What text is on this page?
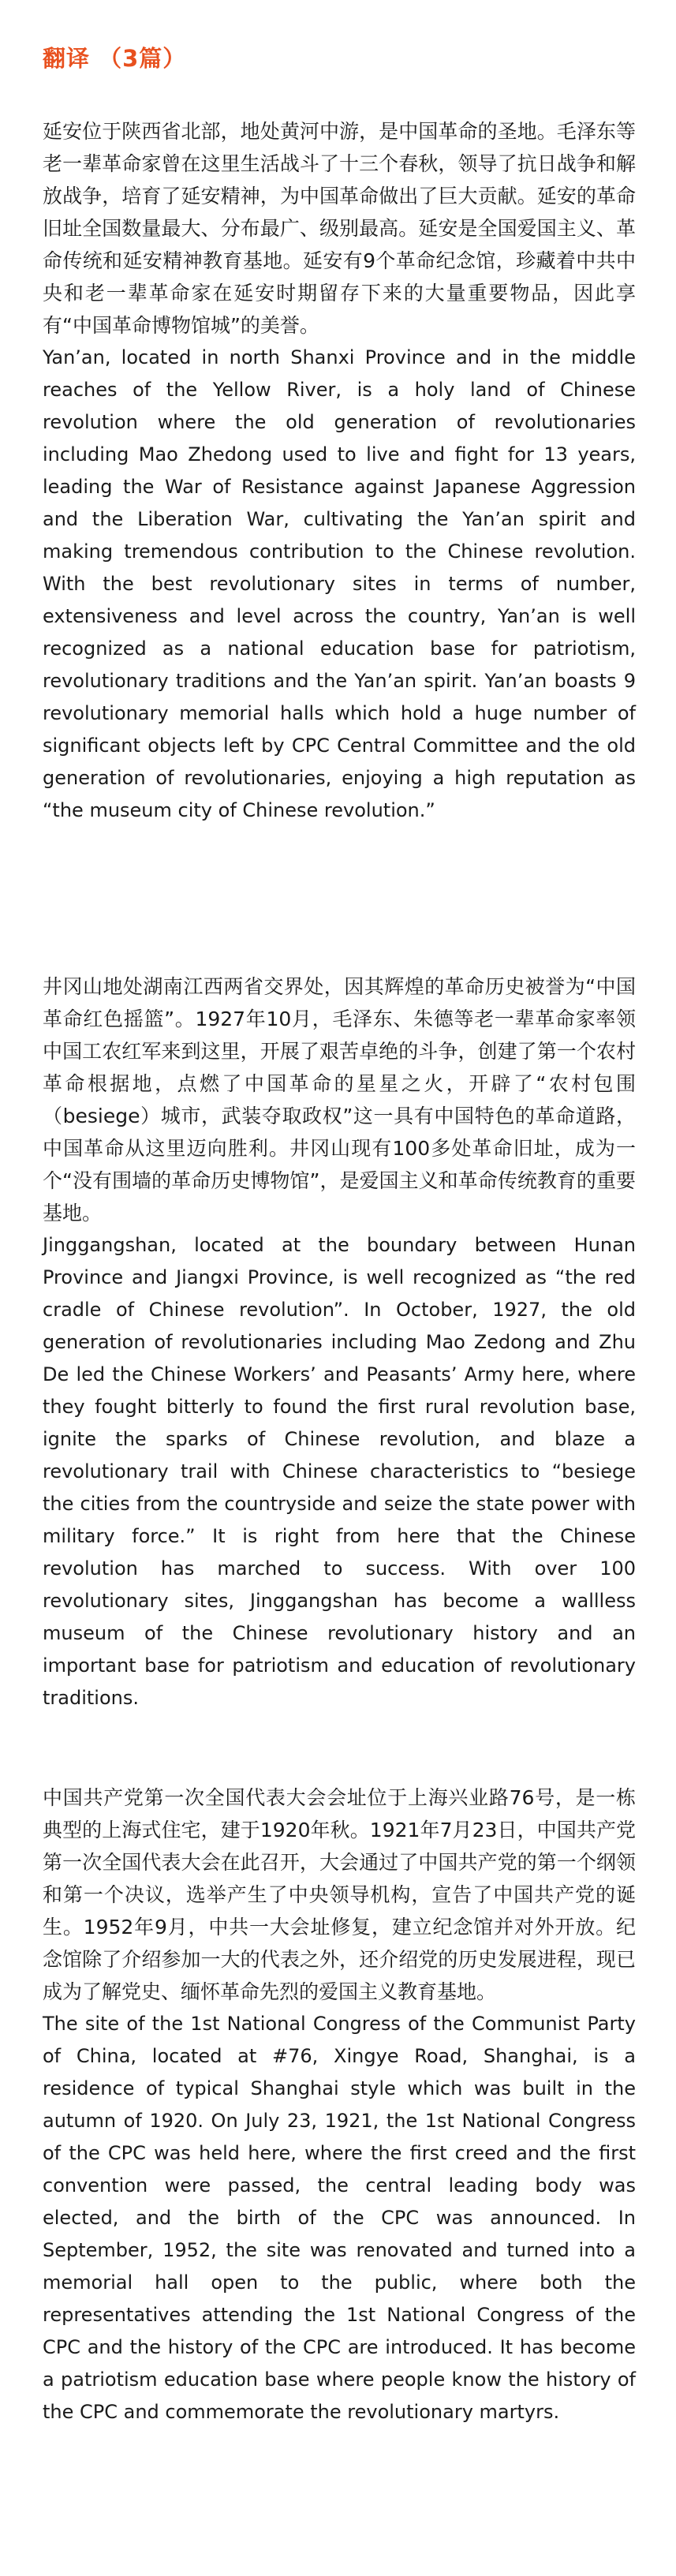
翻译 （3篇）

延安位于陕西省北部，地处黄河中游，是中国革命的圣地。毛泽东等老一辈革命家曾在这里生活战斗了十三个春秋，领导了抗日战争和解放战争，培育了延安精神，为中国革命做出了巨大贡献。延安的革命旧址全国数量最大、分布最广、级别最高。延安是全国爱国主义、革命传统和延安精神教育基地。延安有9个革命纪念馆，珍藏着中共中央和老一辈革命家在延安时期留存下来的大量重要物品，因此享有“中国革命博物馆城”的美誉。

Yan’an, located in north Shanxi Province and in the middle reaches of the Yellow River, is a holy land of Chinese revolution where the old generation of revolutionaries including Mao Zhedong used to live and fight for 13 years, leading the War of Resistance against Japanese Aggression and the Liberation War, cultivating the Yan’an spirit and making tremendous contribution to the Chinese revolution. With the best revolutionary sites in terms of number, extensiveness and level across the country, Yan’an is well recognized as a national education base for patriotism, revolutionary traditions and the Yan’an spirit. Yan’an boasts 9 revolutionary memorial halls which hold a huge number of significant objects left by CPC Central Committee and the old generation of revolutionaries, enjoying a high reputation as “the museum city of Chinese revolution.”

井冈山地处湖南江西两省交界处，因其辉煌的革命历史被誉为“中国革命红色摇篮”。1927年10月，毛泽东、朱德等老一辈革命家率领中国工农红军来到这里，开展了艰苦卓绝的斗争，创建了第一个农村革命根据地，点燃了中国革命的星星之火，开辟了“农村包围（besiege）城市，武装夺取政权”这一具有中国特色的革命道路，中国革命从这里迈向胜利。井冈山现有100多处革命旧址，成为一个“没有围墙的革命历史博物馆”，是爱国主义和革命传统教育的重要基地。

Jinggangshan, located at the boundary between Hunan Province and Jiangxi Province, is well recognized as “the red cradle of Chinese revolution”. In October, 1927, the old generation of revolutionaries including Mao Zedong and Zhu De led the Chinese Workers’ and Peasants’ Army here, where they fought bitterly to found the first rural revolution base, ignite the sparks of Chinese revolution, and blaze a revolutionary trail with Chinese characteristics to “besiege the cities from the countryside and seize the state power with military force.” It is right from here that the Chinese revolution has marched to success. With over 100 revolutionary sites, Jinggangshan has become a wallless museum of the Chinese revolutionary history and an important base for patriotism and education of revolutionary traditions.

中国共产党第一次全国代表大会会址位于上海兴业路76号，是一栋典型的上海式住宅，建于1920年秋。1921年7月23日，中国共产党第一次全国代表大会在此召开，大会通过了中国共产党的第一个纲领和第一个决议，选举产生了中央领导机构，宣告了中国共产党的诞生。1952年9月，中共一大会址修复，建立纪念馆并对外开放。纪念馆除了介绍参加一大的代表之外，还介绍党的历史发展进程，现已成为了解党史、缅怀革命先烈的爱国主义教育基地。

The site of the 1st National Congress of the Communist Party of China, located at #76, Xingye Road, Shanghai, is a residence of typical Shanghai style which was built in the autumn of 1920. On July 23, 1921, the 1st National Congress of the CPC was held here, where the first creed and the first convention were passed, the central leading body was elected, and the birth of the CPC was announced. In September, 1952, the site was renovated and turned into a memorial hall open to the public, where both the representatives attending the 1st National Congress of the CPC and the history of the CPC are introduced. It has become a patriotism education base where people know the history of the CPC and commemorate the revolutionary martyrs.
